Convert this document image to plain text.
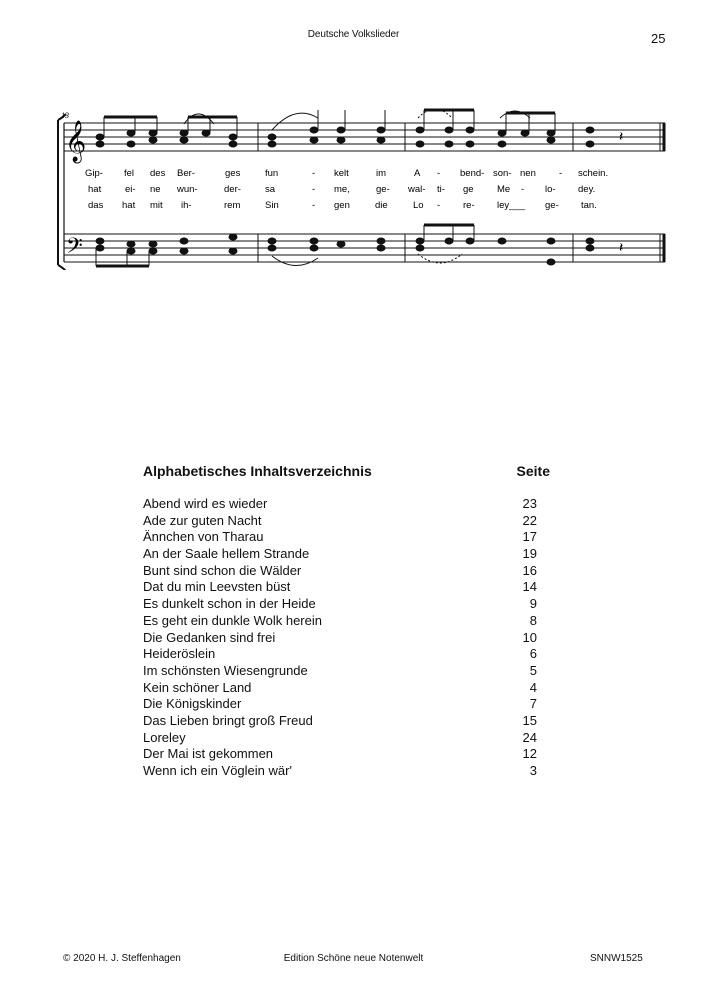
Deutsche Volkslieder	25
13
𝄞
𝄢
𝄽
𝄽
Gip- fel des Ber-	ges	fun	- kelt	im	A - bend- son- nen - schein.
hat	ei- ne wun-	der-	sa	- me,	ge- wal- ti- ge Me - lo- dey.
das hat mit ih-	rem	Sin	- gen	die	Lo - re- ley___ ge- tan.
Alphabetisches Inhaltsverzeichnis	Seite
Abend wird es wieder	23
Ade zur guten Nacht	22
Ännchen von Tharau	17
An der Saale hellem Strande	19
Bunt sind schon die Wälder	16
Dat du min Leevsten büst	14
Es dunkelt schon in der Heide	9
Es geht ein dunkle Wolk herein	8
Die Gedanken sind frei	10
Heideröslein	6
Im schönsten Wiesengrunde	5
Kein schöner Land	4
Die Königskinder	7
Das Lieben bringt groß Freud	15
Loreley	24
Der Mai ist gekommen	12
Wenn ich ein Vöglein wär'	3
© 2020 H. J. Steffenhagen	Edition Schöne neue Notenwelt	SNNW1525
